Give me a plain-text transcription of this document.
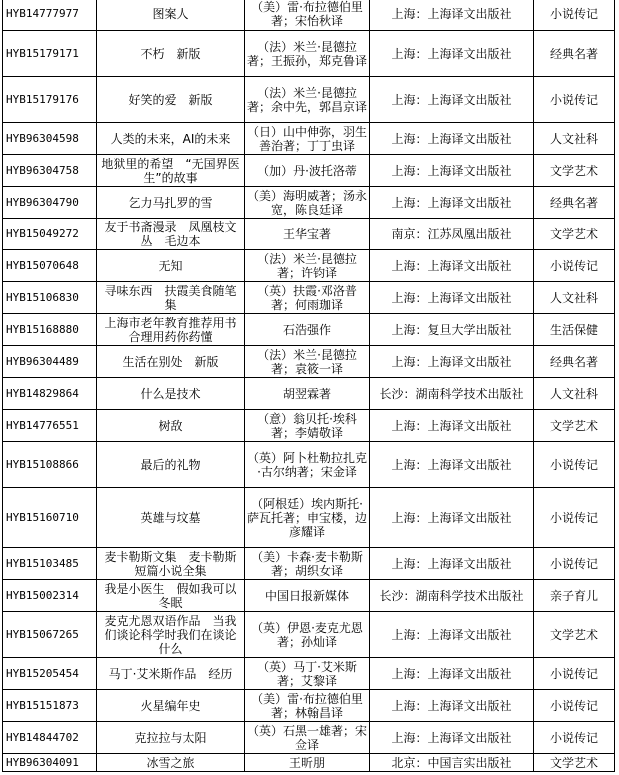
HYB14777977	图案人	（美）雷·布拉德伯里著；宋怡秋译	上海：上海译文出版社	小说传记
HYB15179171	不朽　新版	（法）米兰·昆德拉著；王振孙，郑克鲁译	上海：上海译文出版社	经典名著
HYB15179176	好笑的爱　新版	（法）米兰·昆德拉著；余中先，郭昌京译	上海：上海译文出版社	小说传记
HYB96304598	人类的未来，AI的未来	（日）山中伸弥，羽生善治著；丁丁虫译	上海：上海译文出版社	人文社科
HYB96304758	地狱里的希望　“无国界医生”的故事	（加）丹·波托洛蒂	上海：上海译文出版社	文学艺术
HYB96304790	乞力马扎罗的雪	（美）海明威著；汤永宽，陈良廷译	上海：上海译文出版社	经典名著
HYB15049272	友于书斋漫录　凤凰枝文丛　毛边本	王华宝著	南京：江苏凤凰出版社	文学艺术
HYB15070648	无知	（法）米兰·昆德拉著；许钧译	上海：上海译文出版社	小说传记
HYB15106830	寻味东西　扶霞美食随笔集	（英）扶霞·邓洛普著；何雨珈译	上海：上海译文出版社	人文社科
HYB15168880	上海市老年教育推荐用书　合理用药你药懂	石浩强作	上海：复旦大学出版社	生活保健
HYB96304489	生活在别处　新版	（法）米兰·昆德拉著；袁筱一译	上海：上海译文出版社	经典名著
HYB14829864	什么是技术	胡翌霖著	长沙：湖南科学技术出版社	人文社科
HYB14776551	树敌	（意）翁贝托·埃科著；李婧敬译	上海：上海译文出版社	文学艺术
HYB15108866	最后的礼物	（英）阿卜杜勒拉扎克·古尔纳著；宋金译	上海：上海译文出版社	小说传记
HYB15160710	英雄与坟墓	（阿根廷）埃内斯托·萨瓦托著；申宝楼，边彦耀译	上海：上海译文出版社	小说传记
HYB15103485	麦卡勒斯文集　麦卡勒斯短篇小说全集	（美）卡森·麦卡勒斯著；胡织女译	上海：上海译文出版社	小说传记
HYB15002314	我是小医生　假如我可以冬眠	中国日报新媒体	长沙：湖南科学技术出版社	亲子育儿
HYB15067265	麦克尤恩双语作品　当我们谈论科学时我们在谈论什么	（英）伊恩·麦克尤恩著；孙灿译	上海：上海译文出版社	文学艺术
HYB15205454	马丁·艾米斯作品　经历	（英）马丁·艾米斯著；艾黎译	上海：上海译文出版社	小说传记
HYB15151873	火星编年史	（美）雷·布拉德伯里著；林翰昌译	上海：上海译文出版社	小说传记
HYB14844702	克拉拉与太阳	（英）石黑一雄著；宋佥译	上海：上海译文出版社	小说传记
HYB96304091	冰雪之旅	王昕朋	北京：中国言实出版社	文学艺术
